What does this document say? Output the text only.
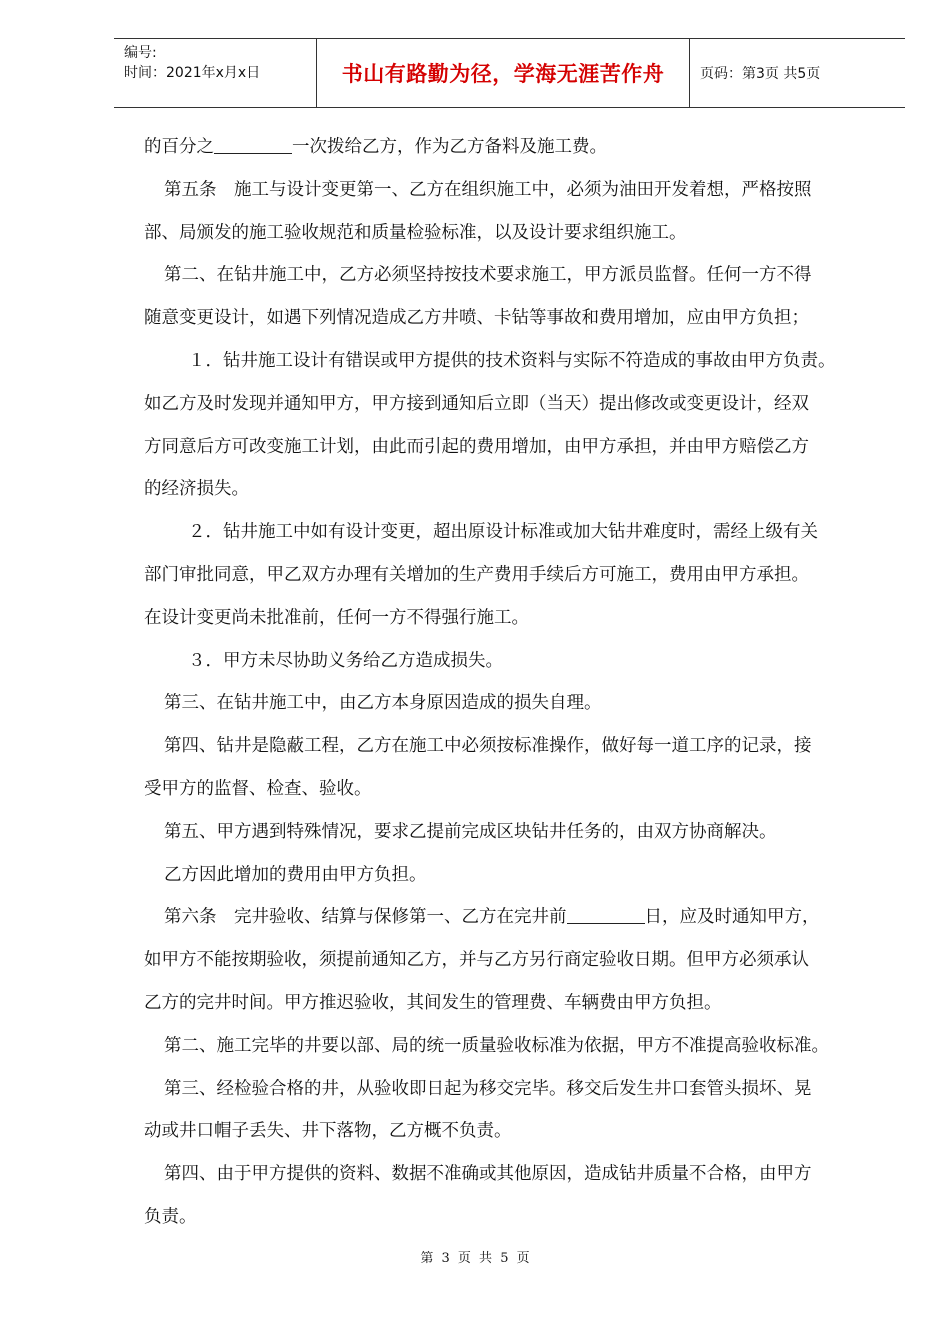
编号:
时间：2021年x月x日	书山有路勤为径，学海无涯苦作舟	页码：第3页 共5页

的百分之	一次拨给乙方，作为乙方备料及施工费。

第五条　施工与设计变更第一、乙方在组织施工中，必须为油田开发着想，严格按照

部、局颁发的施工验收规范和质量检验标准，以及设计要求组织施工。

第二、在钻井施工中，乙方必须坚持按技术要求施工，甲方派员监督。任何一方不得

随意变更设计，如遇下列情况造成乙方井喷、卡钻等事故和费用增加，应由甲方负担；

１．钻井施工设计有错误或甲方提供的技术资料与实际不符造成的事故由甲方负责。

如乙方及时发现并通知甲方，甲方接到通知后立即（当天）提出修改或变更设计，经双

方同意后方可改变施工计划，由此而引起的费用增加，由甲方承担，并由甲方赔偿乙方

的经济损失。

２．钻井施工中如有设计变更，超出原设计标准或加大钻井难度时，需经上级有关

部门审批同意，甲乙双方办理有关增加的生产费用手续后方可施工，费用由甲方承担。

在设计变更尚未批准前，任何一方不得强行施工。

３．甲方未尽协助义务给乙方造成损失。

第三、在钻井施工中，由乙方本身原因造成的损失自理。

第四、钻井是隐蔽工程，乙方在施工中必须按标准操作，做好每一道工序的记录，接

受甲方的监督、检查、验收。

第五、甲方遇到特殊情况，要求乙提前完成区块钻井任务的，由双方协商解决。

乙方因此增加的费用由甲方负担。

第六条　完井验收、结算与保修第一、乙方在完井前	日，应及时通知甲方，

如甲方不能按期验收，须提前通知乙方，并与乙方另行商定验收日期。但甲方必须承认

乙方的完井时间。甲方推迟验收，其间发生的管理费、车辆费由甲方负担。

第二、施工完毕的井要以部、局的统一质量验收标准为依据，甲方不准提高验收标准。

第三、经检验合格的井，从验收即日起为移交完毕。移交后发生井口套管头损坏、晃

动或井口帽子丢失、井下落物，乙方概不负责。

第四、由于甲方提供的资料、数据不准确或其他原因，造成钻井质量不合格，由甲方

负责。

第 3 页 共 5 页
